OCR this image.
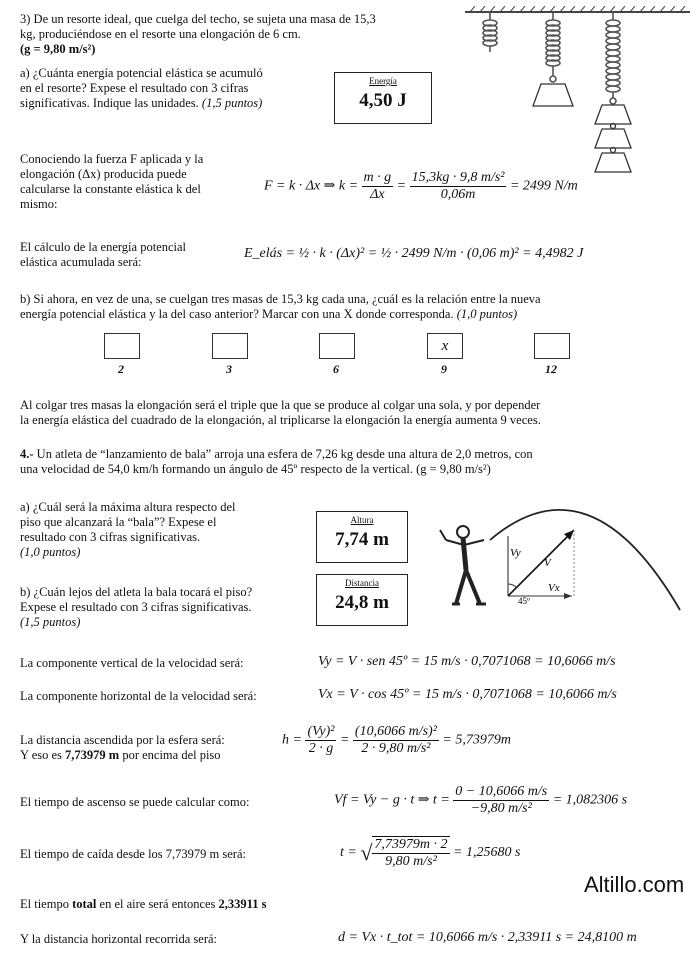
3) De un resorte ideal, que cuelga del techo, se sujeta una masa de 15,3
kg, produciéndose en el resorte una elongación de 6 cm.
(g = 9,80 m/s²)
a) ¿Cuánta energía potencial elástica se acumuló
en el resorte? Expese el resultado con 3 cifras
significativas. Indique las unidades. (1,5 puntos)
Energía
4,50 J
Conociendo la fuerza F aplicada y la
elongación (Δx) producida puede
calcularse la constante elástica k del
mismo:
F = k · Δx ⇒ $k = \frac{m \cdot g}{\Delta x} = \frac{\text{15,3kg · 9,8 m/s²}}{0,06m} = 2499$ N/m
El cálculo de la energía potencial
elástica acumulada será:
E_elás = ½ · k · (Δx)² = ½ · 2499 N/m · (0,06 m)² = 4,4982 J
b) Si ahora, en vez de una, se cuelgan tres masas de 15,3 kg cada una, ¿cuál es la relación entre la nueva
energía potencial elástica y la del caso anterior? Marcar con una X donde corresponda. (1,0 puntos)
x
2	3	6	9	12
Al colgar tres masas la elongación será el triple que la que se produce al colgar una sola, y por depender
la energía elástica del cuadrado de la elongación, al triplicarse la elongación la energía aumenta 9 veces.
4.- Un atleta de “lanzamiento de bala” arroja una esfera de 7,26 kg desde una altura de 2,0 metros, con
una velocidad de 54,0 km/h formando un ángulo de 45º respecto de la vertical. (g = 9,80 m/s²)
a) ¿Cuál será la máxima altura respecto del
piso que alcanzará la “bala”? Expese el
resultado con 3 cifras significativas.
(1,0 puntos)
Altura
7,74 m
b) ¿Cuán lejos del atleta la bala tocará el piso?
Expese el resultado con 3 cifras significativas.
(1,5 puntos)
Distancia
24,8 m
Vy
V
Vx
45º
La componente vertical de la velocidad será:	Vy = V · sen 45º = 15 m/s · 0,7071068 = 10,6066 m/s
La componente horizontal de la velocidad será:	Vx = V · cos 45º = 15 m/s · 0,7071068 = 10,6066 m/s
La distancia ascendida por la esfera será:
Y eso es 7,73979 m por encima del piso
$h = \frac{\text{(Vy)²}}{2 \cdot g} = \frac{\text{(10,6066 m/s)²}}{\text{2 · 9,80 m/s²}} = 5,73979m$
El tiempo de ascenso se puede calcular como:	Vf = Vy − g · t ⇒ $t = \frac{0 - 10,6066 m/s}{\text{−9,80 m/s²}} = 1,082306$ s
El tiempo de caída desde los 7,73979 m será:	t = √ $\frac{7,73979m \cdot 2}{\text{9,80 m/s²}} = 1,25680$ s
Altillo.com
El tiempo total en el aire será entonces 2,33911 s
Y la distancia horizontal recorrida será:	d = Vx · t_tot = 10,6066 m/s · 2,33911 s = 24,8100 m
